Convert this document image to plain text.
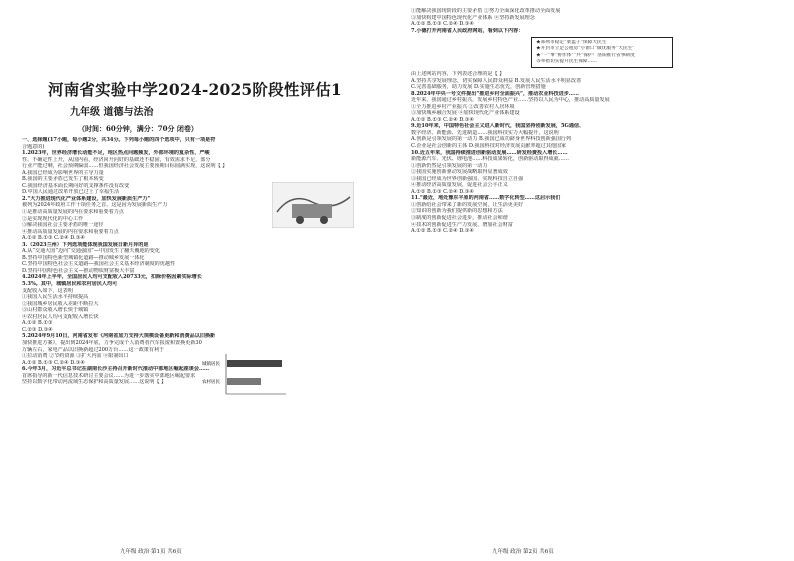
河南省实验中学2024-2025阶段性评估1
九年级 道德与法治
（时间：60分钟，满分：70分 闭卷）
一、选择题(17小题，每小题2分，共34分。下列每小题的四个选项中，只有一项是符
合题意的)
1.2023年，世界经济增长动能不足，地区热点问题频发，外部环境的复杂性、严峻
性、不确定性上升，从国内看，经济回升向好的基础还不稳固，有效需求不足，部分
行业产能过剩，社会预期偏弱……但我国经济社会发展主要预期目标圆满实现，这说明【 】
A.我国已经成为影响世界的主导力量
B.我国的主要矛盾已发生了根本转变
C.我国经济基本面长期向好的支撑条件没有改变
D.中国人民通过改革开放已过上了幸福生活
2.“大力推进现代化产业体系建设，加快发展新质生产力”
被列为2024年政府工作十项任务之首。这是因为发展新质生产力
①是推动高质量发展的内在要求和重要着力点
②是实现现代化的中心工作
③解决我国社会主要矛盾的唯一途径
④推动高质量发展的内在要求和重要着力点
A.①② B.①③ C.②④ D.③④
3.（2023兰州）下列选项能体现我国发展日新月异的是
A.从“交通大国”迈向“交通强国”—中国发生了翻天覆地的变化
B.坚持中国特色新型城镇化道路—推动城乡发展一体化
C.坚持中国特色社会主义道路—我国社会主义基本经济制度的优越性
D.坚持中国特色社会主义—推动物质财富极大丰富
4.2024年上半年，全国居民人均可支配收入20733元，扣除价格因素实际增长
5.3%。其中，城镇居民和农村居民人均可
支配收入如下，这表明
①我国人民生活水平持续提高
②我国城乡居民收入差距不断拉大
③山村群众收入增长快于城镇
④农村居民人均可支配收入增长快
A.①② B.①③
C.②③ D.③④
5.2024年9月10日，河南省发布《河南省加力支持大规模设备更新和消费品以旧换新
加快推进方案》，提出到2024年底，力争完成个人消费者汽车报废和置换更新30
万辆左右，家电产品以旧换新超过200万台……这一政策有利于
①拉动消费 ②节约资源 ③扩大内需 ④限制出口
A.①② B.①③ C.②④ D.③④
6.今年3月，习近平总书记在湖南长沙主持召开新时代推动中部地区崛起座谈会……
首席指导的新一代信息技术研讨主要会议……为进一步落实中部地区崛起要求
坚持以数字化带动河流域生态保护和高质量发展……这说明【 】
城镇居民
农村居民
九年级 政治 第1页 共6页
①能解决我国现阶段的主要矛盾 ②努力全面深化改革推动全面发展
③加快构建中国特色现代化产业体系 ④坚持新发展理念
A.①② B.①③ C.②④ D.③④
7.小德打开河南省人民政府网站，看到以下内容：
★郑州市稳定“菜篮子”保障大民生
★开封市立足公租房“小窗口”做优服务“大民生”
★“一”事“协作体”“共”保护！洛阳推行省事制度
等举措切实提升民生保障……
由上述网站内容，下列表述合理的是【 】
A.坚持共享发展理念，切实保障人民群众利益 B.发展人民生活水平明显改善
C.完善基础服务，助力发展 D.实施生态优先，创新管理措施
8.2024年中央一号文件提出“推进乡村全面振兴”，推动农业科技进步……
近年来，我国通过乡村振兴，发展乡村特色产业……坚持以人民为中心，推动高质量发展
①全力推进乡村产业振兴 ②改善农村人居环境
③加快城乡融合发展 ④加快现代化产业体系建设
A.①② B.①③ C.②④ D.③④
9.近10年来，中国特色社会主义进入新时代，我国坚持创新发展，5G通信、
数字经济、新能源、先进制造……我国科技实力大幅提升，这说明
A.创新是引领发展的第一动力 B.我国已成功跻身世界科技创新强国行列
C.企业是社会创新的主体 D.我国科技对经济发展贡献率超过其他国家
10.近五年来，我国持续推进创新驱动发展……研发经费投入增长……
新能源汽车、光伏、锂电池……科技成果转化，创新驱动取得成就……
①创新仍然是引领发展的第一动力
②我国实施创新驱动发展战略取得显著成效
③我国已经成为世界创新强国，实现科技自立自强
④推动经济高质量发展，促进社会公平正义
A.①② B.①③ C.②④ D.③④
11.“最近，地处豫东平原的河南省……数字化转型……这启示我们
①创新给社会带来了新的发展空间，让生活更美好
②知识的创新为我们提供新的思想和方法
③制度的创新促进社会进步，推动社会和谐
④技术的创新促进生产力发展，增加社会财富
A.①② B.①③ C.②④ D.③④
九年级 政治 第2页 共6页
